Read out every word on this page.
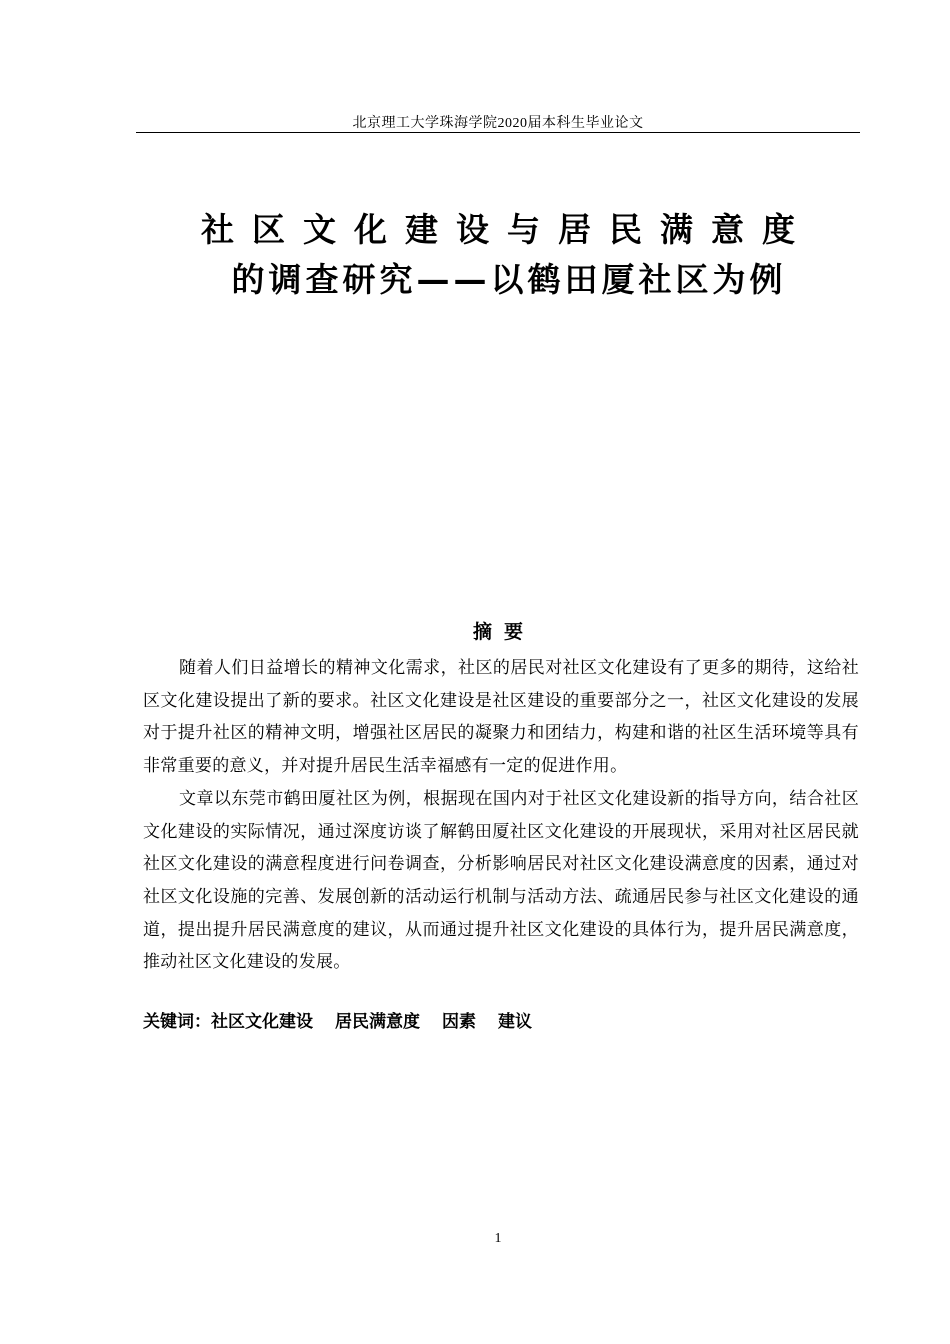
北京理工大学珠海学院2020届本科生毕业论文
社区文化建设与居民满意度
的调查研究——以鹤田厦社区为例
摘要

随着人们日益增长的精神文化需求，社区的居民对社区文化建设有了更多的期待，这给社区文化建设提出了新的要求。社区文化建设是社区建设的重要部分之一，社区文化建设的发展对于提升社区的精神文明，增强社区居民的凝聚力和团结力，构建和谐的社区生活环境等具有非常重要的意义，并对提升居民生活幸福感有一定的促进作用。

文章以东莞市鹤田厦社区为例，根据现在国内对于社区文化建设新的指导方向，结合社区文化建设的实际情况，通过深度访谈了解鹤田厦社区文化建设的开展现状，采用对社区居民就社区文化建设的满意程度进行问卷调查，分析影响居民对社区文化建设满意度的因素，通过对社区文化设施的完善、发展创新的活动运行机制与活动方法、疏通居民参与社区文化建设的通道，提出提升居民满意度的建议，从而通过提升社区文化建设的具体行为，提升居民满意度，推动社区文化建设的发展。

关键词：社区文化建设 居民满意度 因素 建议
1
